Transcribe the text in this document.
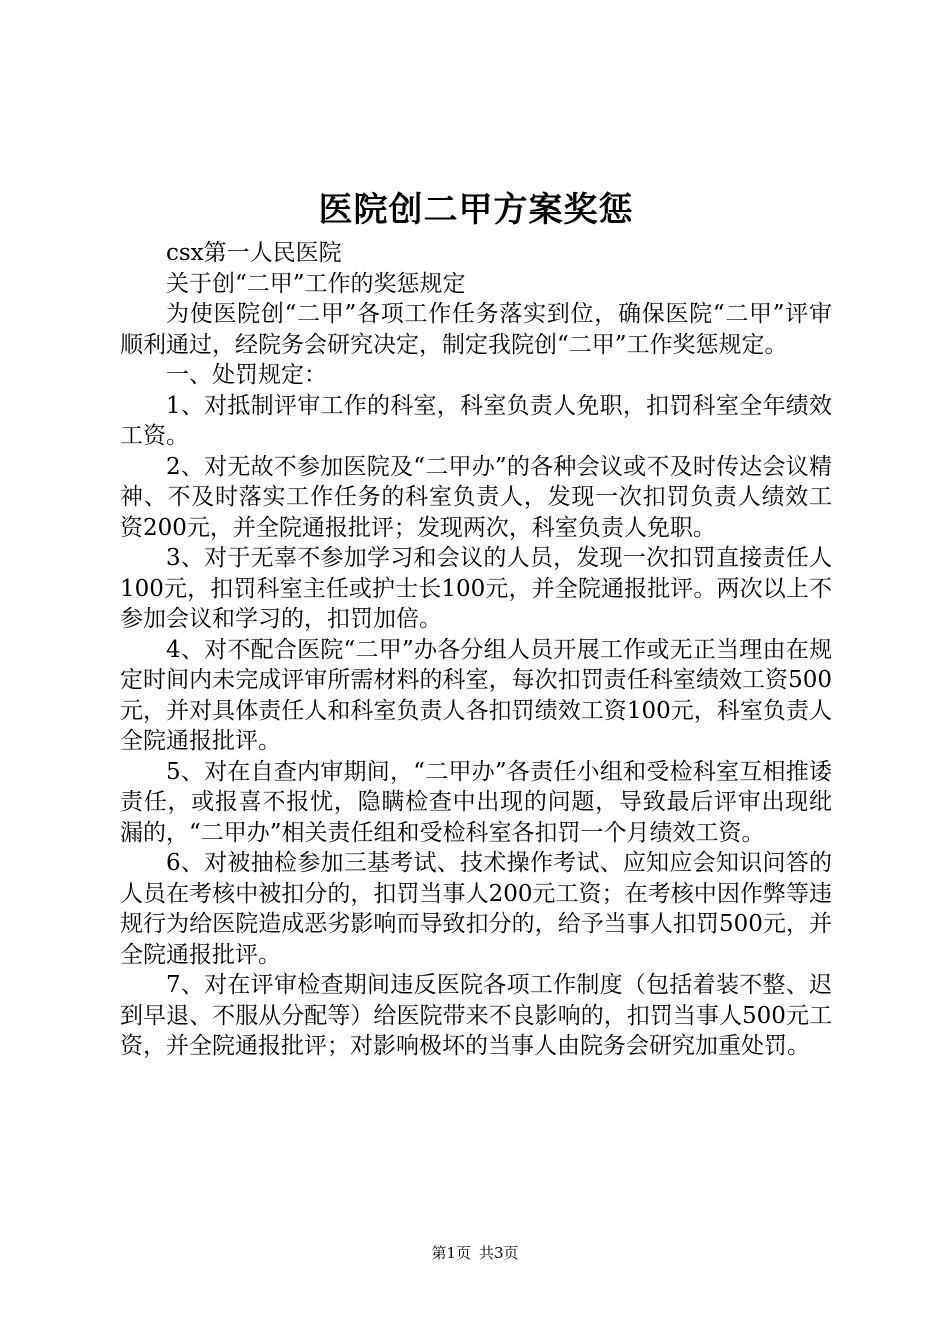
医院创二甲方案奖惩

csx第一人民医院

关于创“二甲”工作的奖惩规定

为使医院创“二甲”各项工作任务落实到位，确保医院“二甲”评审顺利通过，经院务会研究决定，制定我院创“二甲”工作奖惩规定。

一、处罚规定：

1、对抵制评审工作的科室，科室负责人免职，扣罚科室全年绩效工资。

2、对无故不参加医院及“二甲办”的各种会议或不及时传达会议精神、不及时落实工作任务的科室负责人，发现一次扣罚负责人绩效工资200元，并全院通报批评；发现两次，科室负责人免职。

3、对于无辜不参加学习和会议的人员，发现一次扣罚直接责任人100元，扣罚科室主任或护士长100元，并全院通报批评。两次以上不参加会议和学习的，扣罚加倍。

4、对不配合医院“二甲”办各分组人员开展工作或无正当理由在规定时间内未完成评审所需材料的科室，每次扣罚责任科室绩效工资500元，并对具体责任人和科室负责人各扣罚绩效工资100元，科室负责人全院通报批评。

5、对在自查内审期间，“二甲办”各责任小组和受检科室互相推诿责任，或报喜不报忧，隐瞒检查中出现的问题，导致最后评审出现纰漏的，“二甲办”相关责任组和受检科室各扣罚一个月绩效工资。

6、对被抽检参加三基考试、技术操作考试、应知应会知识问答的人员在考核中被扣分的，扣罚当事人200元工资；在考核中因作弊等违规行为给医院造成恶劣影响而导致扣分的，给予当事人扣罚500元，并全院通报批评。

7、对在评审检查期间违反医院各项工作制度（包括着装不整、迟到早退、不服从分配等）给医院带来不良影响的，扣罚当事人500元工资，并全院通报批评；对影响极坏的当事人由院务会研究加重处罚。

第1页 共3页
